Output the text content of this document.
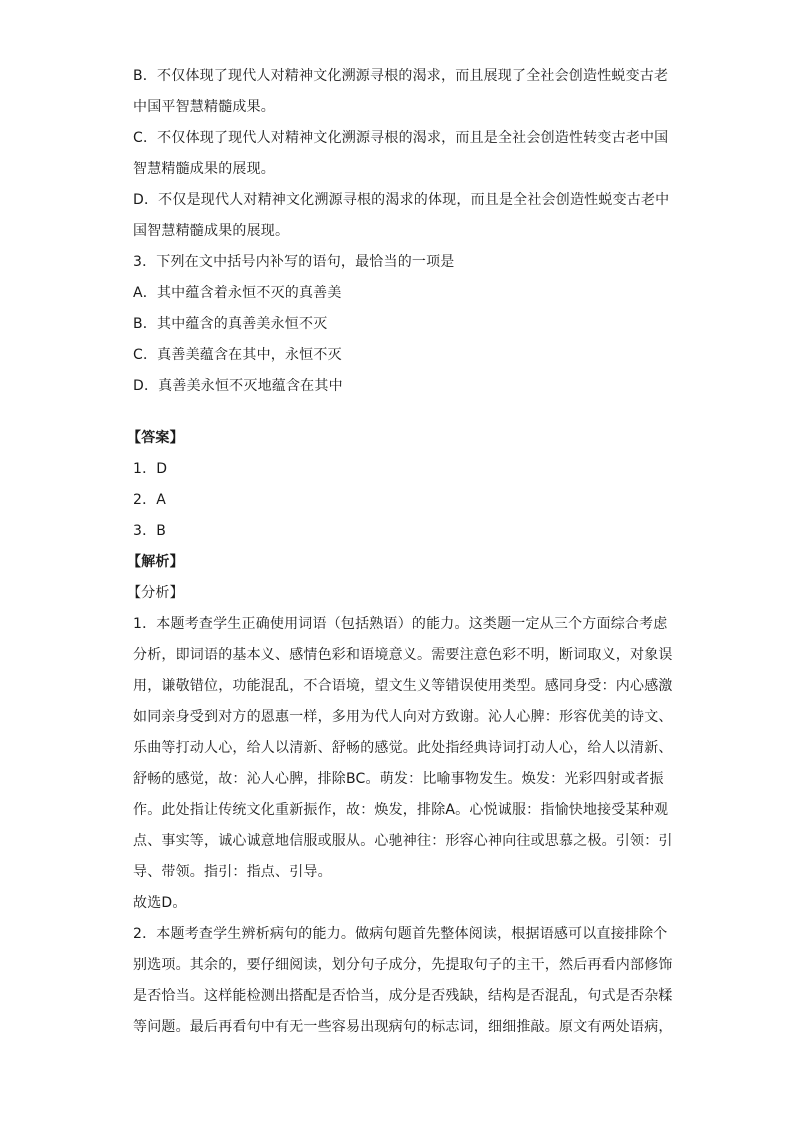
B．不仅体现了现代人对精神文化溯源寻根的渴求，而且展现了全社会创造性蜕变古老
中国平智慧精髓成果。
C．不仅体现了现代人对精神文化溯源寻根的渴求，而且是全社会创造性转变古老中国
智慧精髓成果的展现。
D．不仅是现代人对精神文化溯源寻根的渴求的体现，而且是全社会创造性蜕变古老中
国智慧精髓成果的展现。
3．下列在文中括号内补写的语句，最恰当的一项是
A．其中蕴含着永恒不灭的真善美
B．其中蕴含的真善美永恒不灭
C．真善美蕴含在其中，永恒不灭
D．真善美永恒不灭地蕴含在其中
【答案】
1．D
2．A
3．B
【解析】
【分析】
1．本题考查学生正确使用词语（包括熟语）的能力。这类题一定从三个方面综合考虑
分析，即词语的基本义、感情色彩和语境意义。需要注意色彩不明，断词取义，对象误
用，谦敬错位，功能混乱，不合语境，望文生义等错误使用类型。感同身受：内心感激
如同亲身受到对方的恩惠一样，多用为代人向对方致谢。沁人心脾：形容优美的诗文、
乐曲等打动人心，给人以清新、舒畅的感觉。此处指经典诗词打动人心，给人以清新、
舒畅的感觉，故：沁人心脾，排除BC。萌发：比喻事物发生。焕发：光彩四射或者振
作。此处指让传统文化重新振作，故：焕发，排除A。心悦诚服：指愉快地接受某种观
点、事实等，诚心诚意地信服或服从。心驰神往：形容心神向往或思慕之极。引领：引
导、带领。指引：指点、引导。
故选D。
2．本题考查学生辨析病句的能力。做病句题首先整体阅读，根据语感可以直接排除个
别选项。其余的，要仔细阅读，划分句子成分，先提取句子的主干，然后再看内部修饰
是否恰当。这样能检测出搭配是否恰当，成分是否残缺，结构是否混乱，句式是否杂糅
等问题。最后再看句中有无一些容易出现病句的标志词，细细推敲。原文有两处语病，
